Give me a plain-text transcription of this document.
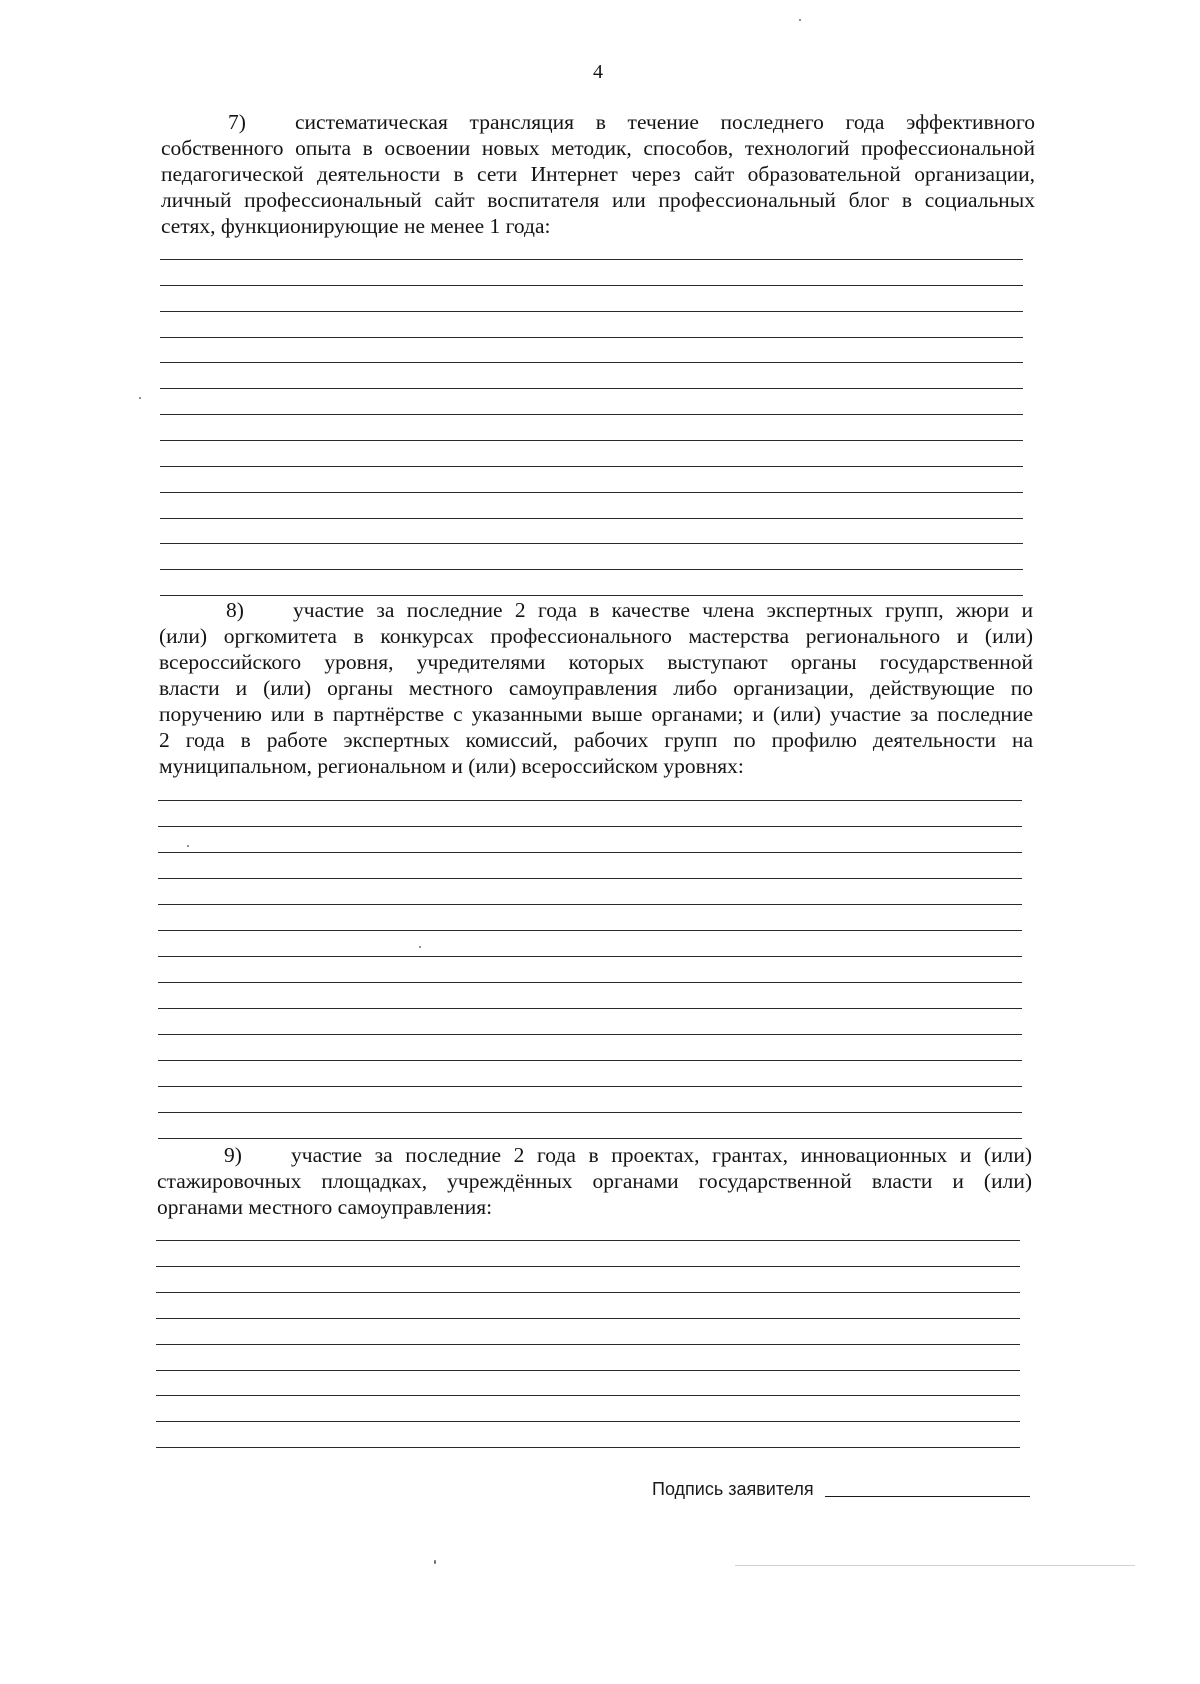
4
7) систематическая трансляция в течение последнего года эффективного
собственного опыта в освоении новых методик, способов, технологий профессиональной
педагогической деятельности в сети Интернет через сайт образовательной организации,
личный профессиональный сайт воспитателя или профессиональный блог в социальных
сетях, функционирующие не менее 1 года:
8) участие за последние 2 года в качестве члена экспертных групп, жюри и
(или) оргкомитета в конкурсах профессионального мастерства регионального и (или)
всероссийского уровня, учредителями которых выступают органы государственной
власти и (или) органы местного самоуправления либо организации, действующие по
поручению или в партнёрстве с указанными выше органами; и (или) участие за последние
2 года в работе экспертных комиссий, рабочих групп по профилю деятельности на
муниципальном, региональном и (или) всероссийском уровнях:
9) участие за последние 2 года в проектах, грантах, инновационных и (или)
стажировочных площадках, учреждённых органами государственной власти и (или)
органами местного самоуправления:
Подпись заявителя
